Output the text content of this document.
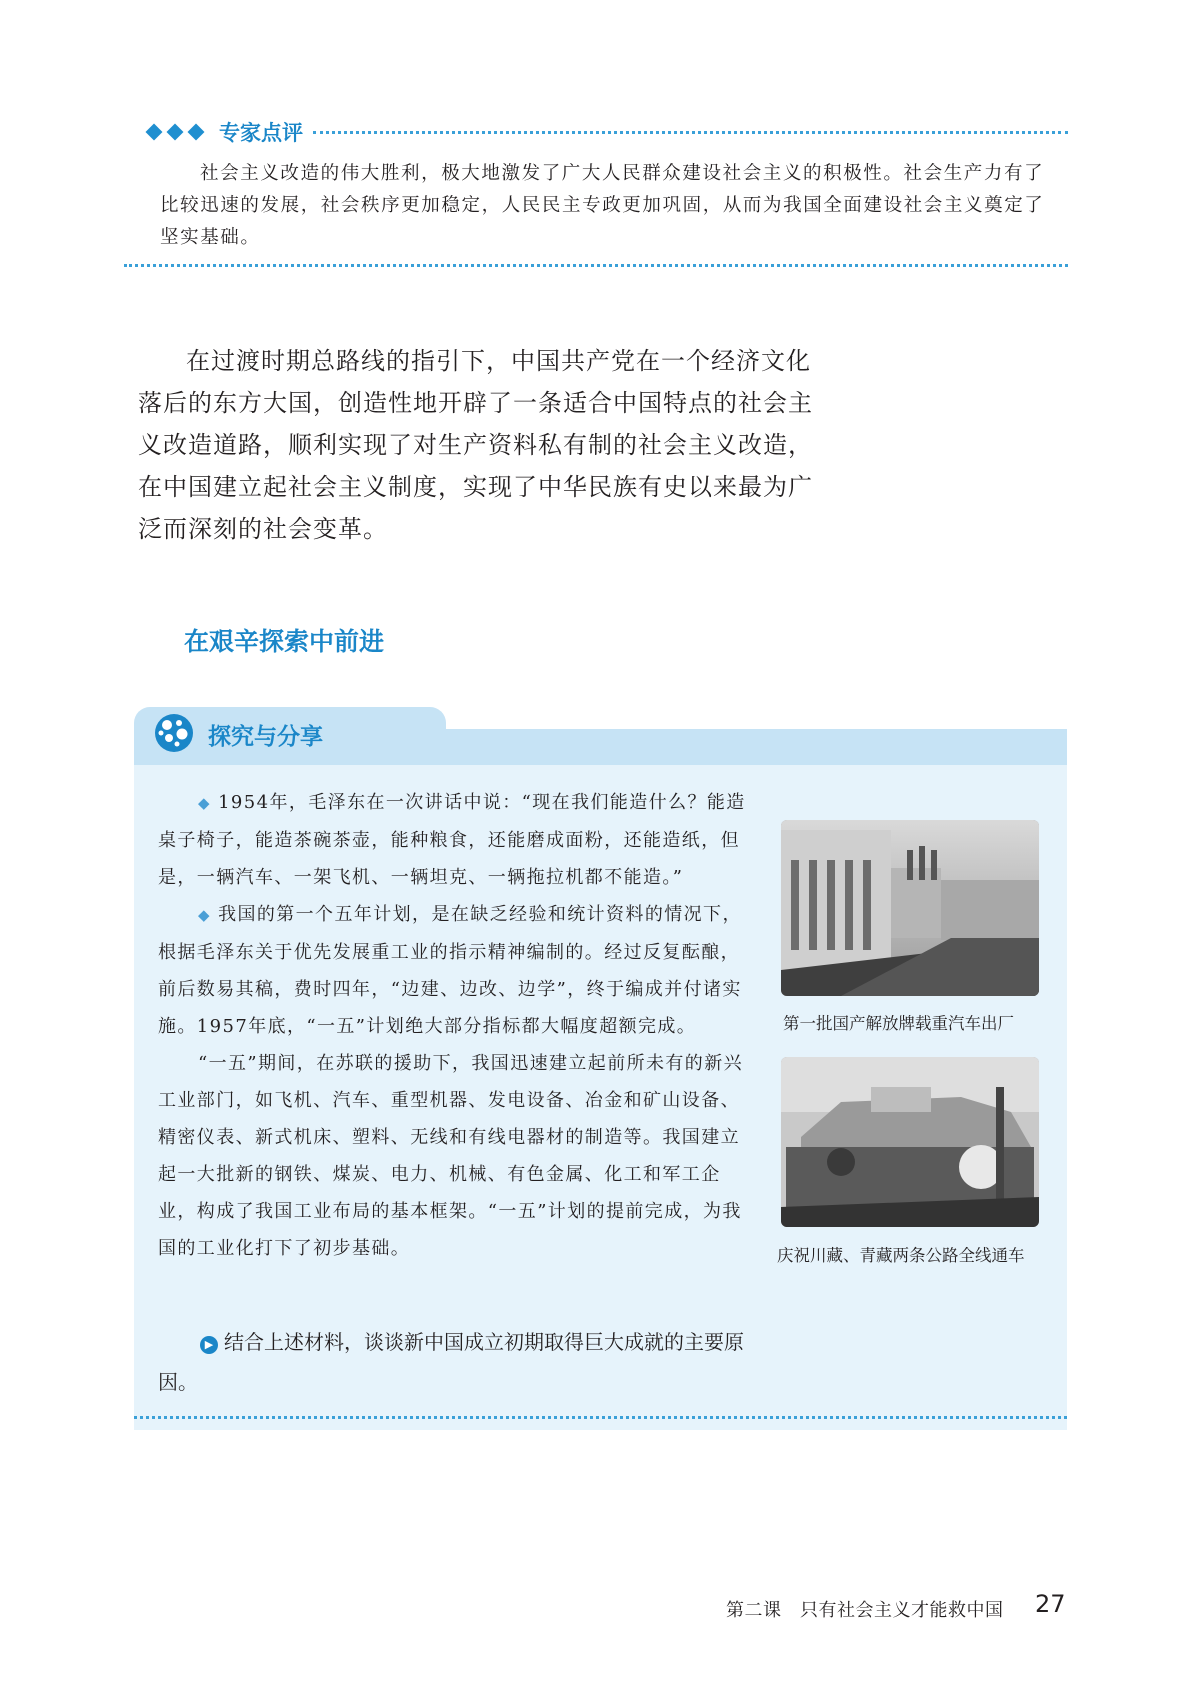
专家点评

社会主义改造的伟大胜利，极大地激发了广大人民群众建设社会主义的积极性。社会生产力有了比较迅速的发展，社会秩序更加稳定，人民民主专政更加巩固，从而为我国全面建设社会主义奠定了坚实基础。

在过渡时期总路线的指引下，中国共产党在一个经济文化落后的东方大国，创造性地开辟了一条适合中国特点的社会主义改造道路，顺利实现了对生产资料私有制的社会主义改造，在中国建立起社会主义制度，实现了中华民族有史以来最为广泛而深刻的社会变革。

在艰辛探索中前进
探究与分享

◆ 1954年，毛泽东在一次讲话中说：“现在我们能造什么？能造桌子椅子，能造茶碗茶壶，能种粮食，还能磨成面粉，还能造纸，但是，一辆汽车、一架飞机、一辆坦克、一辆拖拉机都不能造。”

◆ 我国的第一个五年计划，是在缺乏经验和统计资料的情况下，根据毛泽东关于优先发展重工业的指示精神编制的。经过反复酝酿，前后数易其稿，费时四年，“边建、边改、边学”，终于编成并付诸实施。1957年底，“一五”计划绝大部分指标都大幅度超额完成。

“一五”期间，在苏联的援助下，我国迅速建立起前所未有的新兴工业部门，如飞机、汽车、重型机器、发电设备、冶金和矿山设备、精密仪表、新式机床、塑料、无线和有线电器材的制造等。我国建立起一大批新的钢铁、煤炭、电力、机械、有色金属、化工和军工企业，构成了我国工业布局的基本框架。“一五”计划的提前完成，为我国的工业化打下了初步基础。

第一批国产解放牌载重汽车出厂
庆祝川藏、青藏两条公路全线通车

▶ 结合上述材料，谈谈新中国成立初期取得巨大成就的主要原因。

第二课　只有社会主义才能救中国 27
